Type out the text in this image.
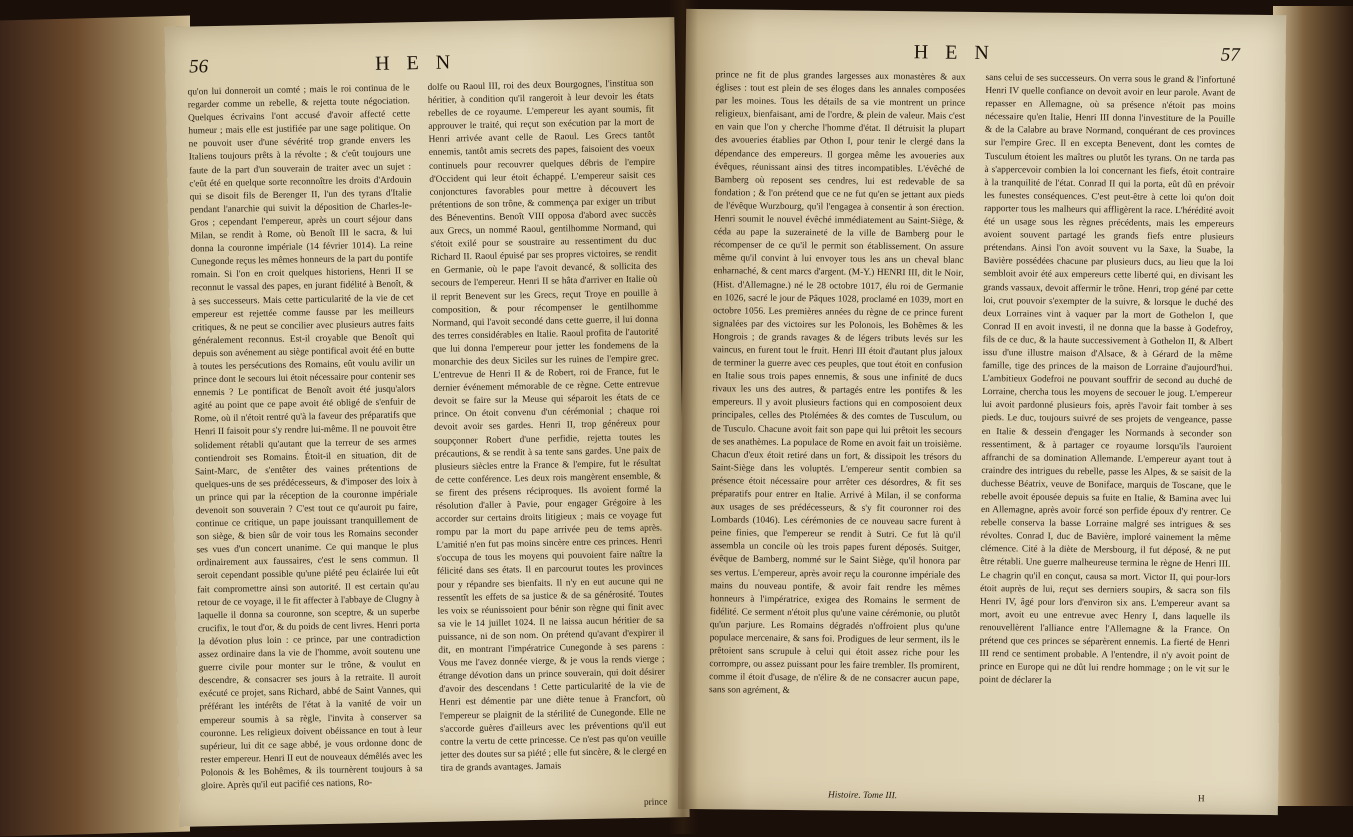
56	H E N
qu'on lui donneroit un comté ; mais le roi continua de le regarder comme un rebelle, & rejetta toute négociation. Quelques écrivains l'ont accusé d'avoir affecté cette humeur ; mais elle est justifiée par une sage politique. On ne pouvoit user d'une sévérité trop grande envers les Italiens toujours prêts à la révolte ; & c'eût toujours une faute de la part d'un souverain de traiter avec un sujet : c'eût été en quelque sorte reconnoître les droits d'Ardouin qui se disoit fils de Berenger II, l'un des tyrans d'Italie pendant l'anarchie qui suivit la déposition de Charles-le-Gros ; cependant l'empereur, après un court séjour dans Milan, se rendit à Rome, où Benoît III le sacra, & lui donna la couronne impériale (14 février 1014). La reine Cunegonde reçus les mêmes honneurs de la part du pontife romain. Si l'on en croit quelques historiens, Henri II se reconnut le vassal des papes, en jurant fidélité à Benoît, & à ses successeurs. Mais cette particularité de la vie de cet empereur est rejettée comme fausse par les meilleurs critiques, & ne peut se concilier avec plusieurs autres faits généralement reconnus. Est-il croyable que Benoît qui depuis son avénement au siège pontifical avoit été en butte à toutes les persécutions des Romains, eût voulu avilir un prince dont le secours lui étoit nécessaire pour contenir ses ennemis ? Le pontificat de Benoît avoit été jusqu'alors agité au point que ce pape avoit été obligé de s'enfuir de Rome, où il n'étoit rentré qu'à la faveur des préparatifs que Henri II faisoit pour s'y rendre lui-même. Il ne pouvoit être solidement rétabli qu'autant que la terreur de ses armes contiendroit ses Romains. Étoit-il en situation, dit de Saint-Marc, de s'entêter des vaines prétentions de quelques-uns de ses prédécesseurs, & d'imposer des loix à un prince qui par la réception de la couronne impériale devenoit son souverain ? C'est tout ce qu'auroit pu faire, continue ce critique, un pape jouissant tranquillement de son siège, & bien sûr de voir tous les Romains seconder ses vues d'un concert unanime. Ce qui manque le plus ordinairement aux faussaires, c'est le sens commun. Il seroit cependant possible qu'une piété peu éclairée lui eût fait compromettre ainsi son autorité. Il est certain qu'au retour de ce voyage, il le fit affecter à l'abbaye de Clugny à laquelle il donna sa couronne, son sceptre, & un superbe crucifix, le tout d'or, & du poids de cent livres. Henri porta la dévotion plus loin : ce prince, par une contradiction assez ordinaire dans la vie de l'homme, avoit soutenu une guerre civile pour monter sur le trône, & voulut en descendre, & consacrer ses jours à la retraite. Il auroit exécuté ce projet, sans Richard, abbé de Saint Vannes, qui préférant les intérêts de l'état à la vanité de voir un empereur soumis à sa règle, l'invita à conserver sa couronne. Les religieux doivent obéissance en tout à leur supérieur, lui dit ce sage abbé, je vous ordonne donc de rester empereur. Henri II eut de nouveaux démêlés avec les Polonois & les Bohêmes, & ils tournèrent toujours à sa gloire. Après qu'il eut pacifié ces nations, Ro-
dolfe ou Raoul III, roi des deux Bourgognes, l'institua son héritier, à condition qu'il rangeroit à leur devoir les états rebelles de ce royaume. L'empereur les ayant soumis, fit approuver le traité, qui reçut son exécution par la mort de Henri arrivée avant celle de Raoul. Les Grecs tantôt ennemis, tantôt amis secrets des papes, faisoient des voeux continuels pour recouvrer quelques débris de l'empire d'Occident qui leur étoit échappé. L'empereur saisit ces conjonctures favorables pour mettre à découvert les prétentions de son trône, & commença par exiger un tribut des Béneventins. Benoît VIII opposa d'abord avec succès aux Grecs, un nommé Raoul, gentilhomme Normand, qui s'étoit exilé pour se soustraire au ressentiment du duc Richard II. Raoul épuisé par ses propres victoires, se rendit en Germanie, où le pape l'avoit devancé, & sollicita des secours de l'empereur. Henri II se hâta d'arriver en Italie où il reprit Benevent sur les Grecs, reçut Troye en pouille à composition, & pour récompenser le gentilhomme Normand, qui l'avoit secondé dans cette guerre, il lui donna des terres considérables en Italie. Raoul profita de l'autorité que lui donna l'empereur pour jetter les fondemens de la monarchie des deux Siciles sur les ruines de l'empire grec. L'entrevue de Henri II & de Robert, roi de France, fut le dernier événement mémorable de ce règne. Cette entrevue devoit se faire sur la Meuse qui séparoit les états de ce prince. On étoit convenu d'un cérémonial ; chaque roi devoit avoir ses gardes. Henri II, trop généreux pour soupçonner Robert d'une perfidie, rejetta toutes les précautions, & se rendit à sa tente sans gardes. Une paix de plusieurs siècles entre la France & l'empire, fut le résultat de cette conférence. Les deux rois mangèrent ensemble, & se firent des présens réciproques. Ils avoient formé la résolution d'aller à Pavie, pour engager Grégoire à les accorder sur certains droits litigieux ; mais ce voyage fut rompu par la mort du pape arrivée peu de tems après. L'amitié n'en fut pas moins sincère entre ces princes. Henri s'occupa de tous les moyens qui pouvoient faire naître la félicité dans ses états. Il en parcourut toutes les provinces pour y répandre ses bienfaits. Il n'y en eut aucune qui ne ressentît les effets de sa justice & de sa générosité. Toutes les voix se réunissoient pour bénir son règne qui finit avec sa vie le 14 juillet 1024. Il ne laissa aucun héritier de sa puissance, ni de son nom. On prétend qu'avant d'expirer il dit, en montrant l'impératrice Cunegonde à ses parens : Vous me l'avez donnée vierge, & je vous la rends vierge ; étrange dévotion dans un prince souverain, qui doit désirer d'avoir des descendans ! Cette particularité de la vie de Henri est démentie par une diète tenue à Francfort, où l'empereur se plaignit de la stérilité de Cunegonde. Elle ne s'accorde guères d'ailleurs avec les préventions qu'il eut contre la vertu de cette princesse. Ce n'est pas qu'on veuille jetter des doutes sur sa piété ; elle fut sincère, & le clergé en tira de grands avantages. Jamais
prince
H E N	57
prince ne fit de plus grandes largesses aux monastères & aux églises : tout est plein de ses éloges dans les annales composées par les moines. Tous les détails de sa vie montrent un prince religieux, bienfaisant, ami de l'ordre, & plein de valeur. Mais c'est en vain que l'on y cherche l'homme d'état. Il détruisit la plupart des avoueries établies par Othon I, pour tenir le clergé dans la dépendance des empereurs. Il gorgea même les avoueries aux évêques, réunissant ainsi des titres incompatibles. L'évêché de Bamberg où reposent ses cendres, lui est redevable de sa fondation ; & l'on prétend que ce ne fut qu'en se jettant aux pieds de l'évêque Wurzbourg, qu'il l'engagea à consentir à son érection. Henri soumit le nouvel évêché immédiatement au Saint-Siège, & céda au pape la suzeraineté de la ville de Bamberg pour le récompenser de ce qu'il le permit son établissement. On assure même qu'il convint à lui envoyer tous les ans un cheval blanc enharnaché, & cent marcs d'argent. (M-Y.) HENRI III, dit le Noir, (Hist. d'Allemagne.) né le 28 octobre 1017, élu roi de Germanie en 1026, sacré le jour de Pâques 1028, proclamé en 1039, mort en octobre 1056. Les premières années du règne de ce prince furent signalées par des victoires sur les Polonois, les Bohêmes & les Hongrois ; de grands ravages & de légers tributs levés sur les vaincus, en furent tout le fruit. Henri III étoit d'autant plus jaloux de terminer la guerre avec ces peuples, que tout étoit en confusion en Italie sous trois papes ennemis, & sous une infinité de ducs rivaux les uns des autres, & partagés entre les pontifes & les empereurs. Il y avoit plusieurs factions qui en composoient deux principales, celles des Ptolémées & des comtes de Tusculum, ou de Tusculo. Chacune avoit fait son pape qui lui prêtoit les secours de ses anathèmes. La populace de Rome en avoit fait un troisième. Chacun d'eux étoit retiré dans un fort, & dissipoit les trésors du Saint-Siège dans les voluptés. L'empereur sentit combien sa présence étoit nécessaire pour arrêter ces désordres, & fit ses préparatifs pour entrer en Italie. Arrivé à Milan, il se conforma aux usages de ses prédécesseurs, & s'y fit couronner roi des Lombards (1046). Les cérémonies de ce nouveau sacre furent à peine finies, que l'empereur se rendit à Sutri. Ce fut là qu'il assembla un concile où les trois papes furent déposés. Suitger, évêque de Bamberg, nommé sur le Saint Siège, qu'il honora par ses vertus. L'empereur, après avoir reçu la couronne impériale des mains du nouveau pontife, & avoir fait rendre les mêmes honneurs à l'impératrice, exigea des Romains le serment de fidélité. Ce serment n'étoit plus qu'une vaine cérémonie, ou plutôt qu'un parjure. Les Romains dégradés n'offroient plus qu'une populace mercenaire, & sans foi. Prodigues de leur serment, ils le prêtoient sans scrupule à celui qui étoit assez riche pour les corrompre, ou assez puissant pour les faire trembler. Ils promirent, comme il étoit d'usage, de n'élire & de ne consacrer aucun pape, sans son agrément, &
sans celui de ses successeurs. On verra sous le grand & l'infortuné Henri IV quelle confiance on devoit avoir en leur parole. Avant de repasser en Allemagne, où sa présence n'étoit pas moins nécessaire qu'en Italie, Henri III donna l'investiture de la Pouille & de la Calabre au brave Normand, conquérant de ces provinces sur l'empire Grec. Il en excepta Benevent, dont les comtes de Tusculum étoient les maîtres ou plutôt les tyrans. On ne tarda pas à s'appercevoir combien la loi concernant les fiefs, étoit contraire à la tranquilité de l'état. Conrad II qui la porta, eût dû en prévoir les funestes conséquences. C'est peut-être à cette loi qu'on doit rapporter tous les malheurs qui affligèrent la race. L'hérédité avoit été un usage sous les règnes précédents, mais les empereurs avoient souvent partagé les grands fiefs entre plusieurs prétendans. Ainsi l'on avoit souvent vu la Saxe, la Suabe, la Bavière possédées chacune par plusieurs ducs, au lieu que la loi sembloit avoir été aux empereurs cette liberté qui, en divisant les grands vassaux, devoit affermir le trône. Henri, trop géné par cette loi, crut pouvoir s'exempter de la suivre, & lorsque le duché des deux Lorraines vint à vaquer par la mort de Gothelon I, que Conrad II en avoit investi, il ne donna que la basse à Godefroy, fils de ce duc, & la haute successivement à Gothelon II, & Albert issu d'une illustre maison d'Alsace, & à Gérard de la même famille, tige des princes de la maison de Lorraine d'aujourd'hui. L'ambitieux Godefroi ne pouvant souffrir de second au duché de Lorraine, chercha tous les moyens de secouer le joug. L'empereur lui avoit pardonné plusieurs fois, après l'avoir fait tomber à ses pieds. Le duc, toujours suivré de ses projets de vengeance, passe en Italie & dessein d'engager les Normands à seconder son ressentiment, & à partager ce royaume lorsqu'ils l'auroient affranchi de sa domination Allemande. L'empereur ayant tout à craindre des intrigues du rebelle, passe les Alpes, & se saisit de la duchesse Béatrix, veuve de Boniface, marquis de Toscane, que le rebelle avoit épousée depuis sa fuite en Italie, & Bamina avec lui en Allemagne, après avoir forcé son perfide époux d'y rentrer. Ce rebelle conserva la basse Lorraine malgré ses intrigues & ses révoltes. Conrad I, duc de Bavière, imploré vainement la même clémence. Cité à la diète de Mersbourg, il fut déposé, & ne put être rétabli. Une guerre malheureuse termina le règne de Henri III. Le chagrin qu'il en conçut, causa sa mort. Victor II, qui pour-lors étoit auprès de lui, reçut ses derniers soupirs, & sacra son fils Henri IV, âgé pour lors d'environ six ans. L'empereur avant sa mort, avoit eu une entrevue avec Henry I, dans laquelle ils renouvellèrent l'alliance entre l'Allemagne & la France. On prétend que ces princes se séparèrent ennemis. La fierté de Henri III rend ce sentiment probable. A l'entendre, il n'y avoit point de prince en Europe qui ne dût lui rendre hommage ; on le vit sur le point de déclarer la
Histoire. Tome III.	H
